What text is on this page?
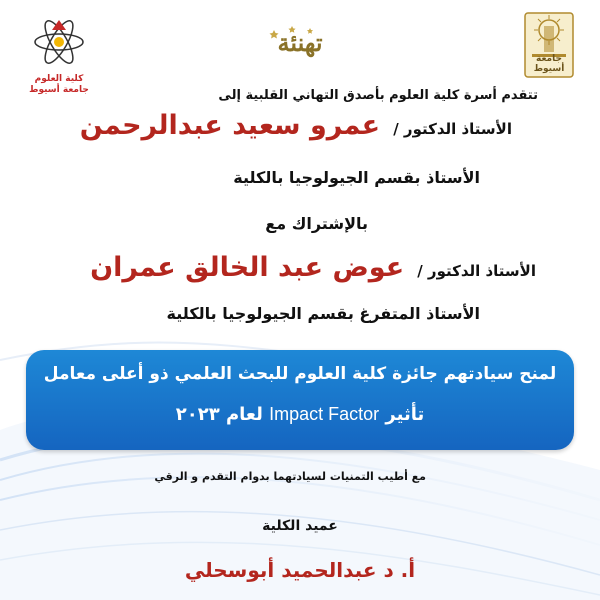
جامعة أسيوط
كلية العلوم
جامعة أسيوط
تهنئة
تتقدم أسرة كلية العلوم بأصدق التهاني القلبية إلى
الأستاذ الدكتور / عمرو سعيد عبدالرحمن
الأستاذ بقسم الجيولوجيا بالكلية
بالإشتراك مع
الأستاذ الدكتور / عوض عبد الخالق عمران
الأستاذ المتفرغ بقسم الجيولوجيا بالكلية
لمنح سيادتهم جائزة كلية العلوم للبحث العلمي ذو أعلى معامل
تأثير Impact Factor لعام ٢٠٢٣
مع أطيب التمنيات لسيادتهما بدوام التقدم و الرقي
عميد الكلية
أ. د عبدالحميد أبوسحلي
